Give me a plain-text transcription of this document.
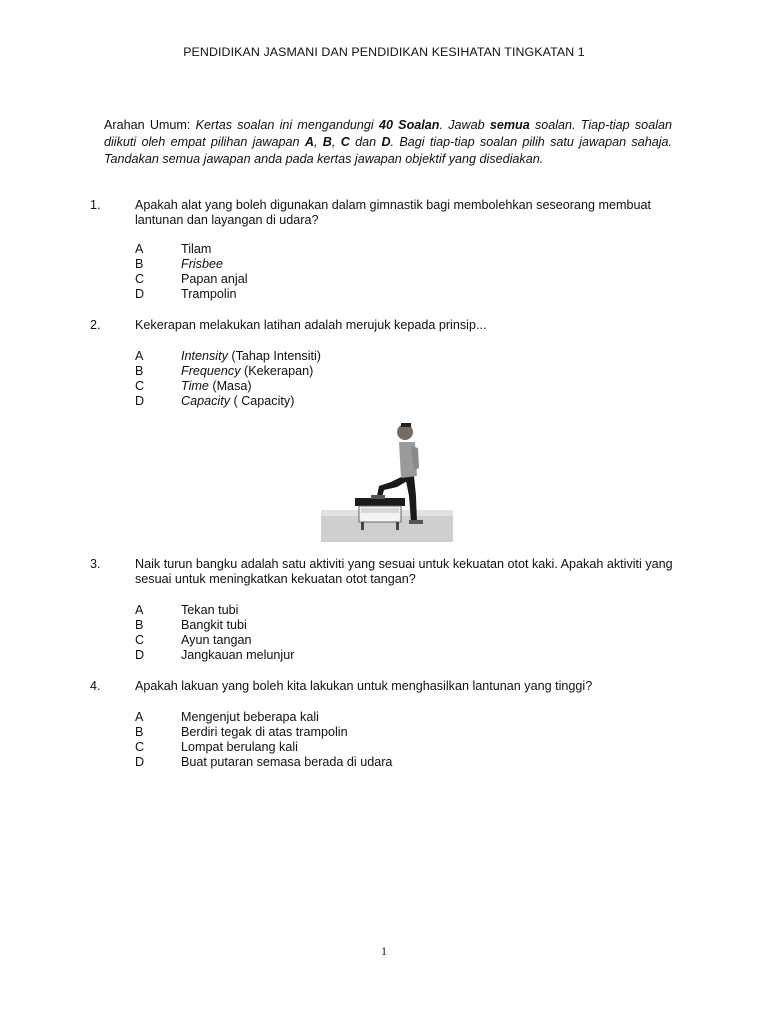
PENDIDIKAN JASMANI DAN PENDIDIKAN KESIHATAN TINGKATAN 1
Arahan Umum: Kertas soalan ini mengandungi 40 Soalan. Jawab semua soalan. Tiap-tiap soalan diikuti oleh empat pilihan jawapan A, B, C dan D. Bagi tiap-tiap soalan pilih satu jawapan sahaja. Tandakan semua jawapan anda pada kertas jawapan objektif yang disediakan.
1.	Apakah alat yang boleh digunakan dalam gimnastik bagi membolehkan seseorang membuat lantunan dan layangan di udara?
A	Tilam
B	Frisbee
C	Papan anjal
D	Trampolin
2.	Kekerapan melakukan latihan adalah merujuk kepada prinsip...
A	Intensity (Tahap Intensiti)
B	Frequency (Kekerapan)
C	Time (Masa)
D	Capacity ( Capacity)
3.	Naik turun bangku adalah satu aktiviti yang sesuai untuk kekuatan otot kaki. Apakah aktiviti yang sesuai untuk meningkatkan kekuatan otot tangan?
A	Tekan tubi
B	Bangkit tubi
C	Ayun tangan
D	Jangkauan melunjur
4.	Apakah lakuan yang boleh kita lakukan untuk menghasilkan lantunan yang tinggi?
A	Mengenjut beberapa kali
B	Berdiri tegak di atas trampolin
C	Lompat berulang kali
D	Buat putaran semasa berada di udara
1
